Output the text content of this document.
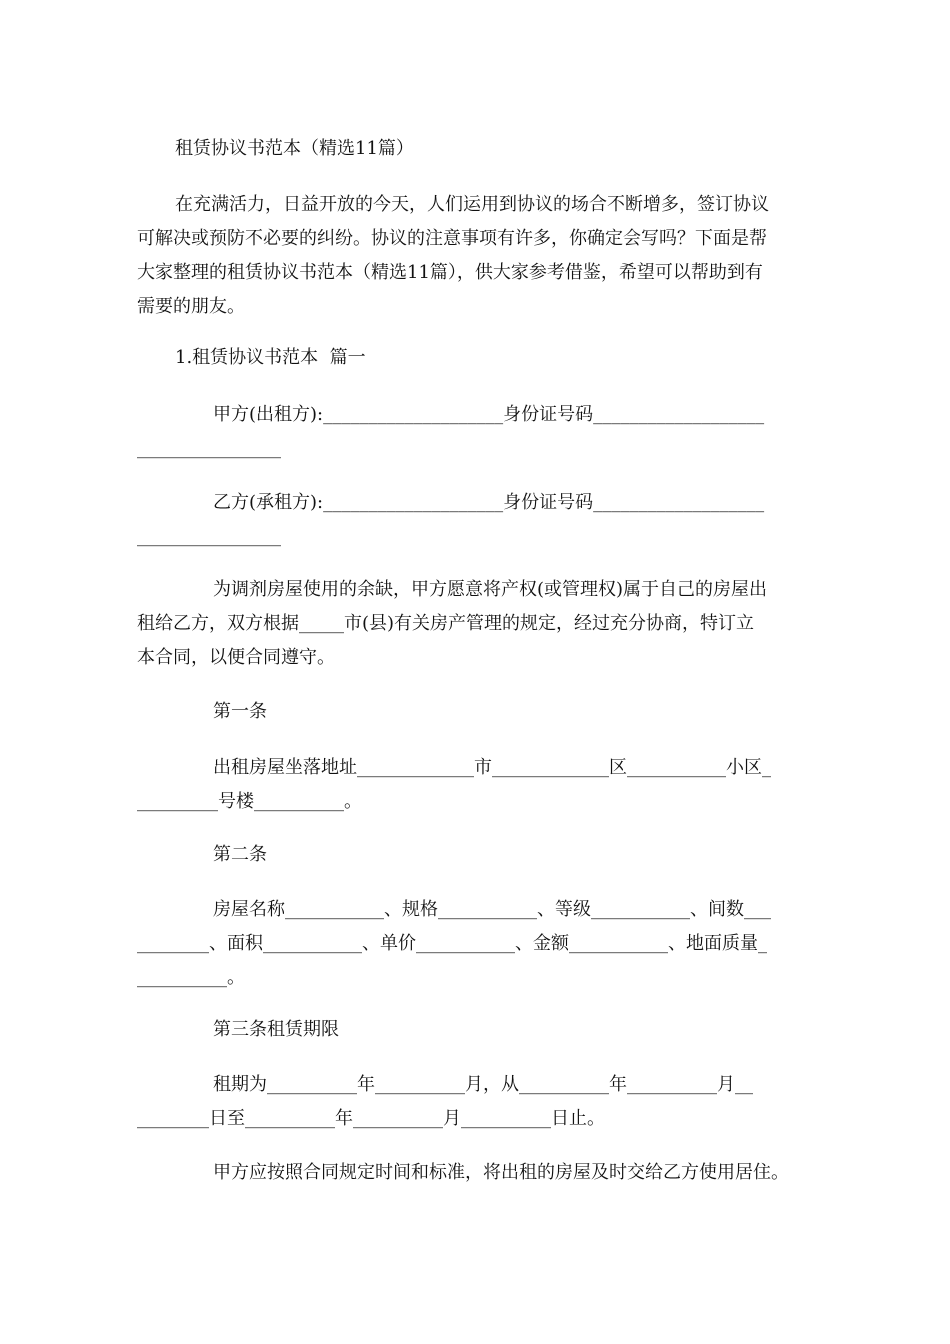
租赁协议书范本（精选11篇）
在充满活力，日益开放的今天，人们运用到协议的场合不断增多，签订协议
可解决或预防不必要的纠纷。协议的注意事项有许多，你确定会写吗？下面是帮
大家整理的租赁协议书范本（精选11篇），供大家参考借鉴，希望可以帮助到有
需要的朋友。
1.租赁协议书范本  篇一
甲方(出租方):____________________身份证号码___________________
________________
乙方(承租方):____________________身份证号码___________________
________________
为调剂房屋使用的余缺，甲方愿意将产权(或管理权)属于自己的房屋出
租给乙方，双方根据_____市(县)有关房产管理的规定，经过充分协商，特订立
本合同，以便合同遵守。
第一条
出租房屋坐落地址_____________市_____________区___________小区_
_________号楼__________。
第二条
房屋名称___________、规格___________、等级___________、间数___
________、面积___________、单价___________、金额___________、地面质量_
__________。
第三条租赁期限
租期为__________年__________月，从__________年__________月__
________日至__________年__________月__________日止。
甲方应按照合同规定时间和标准，将出租的房屋及时交给乙方使用居住。
